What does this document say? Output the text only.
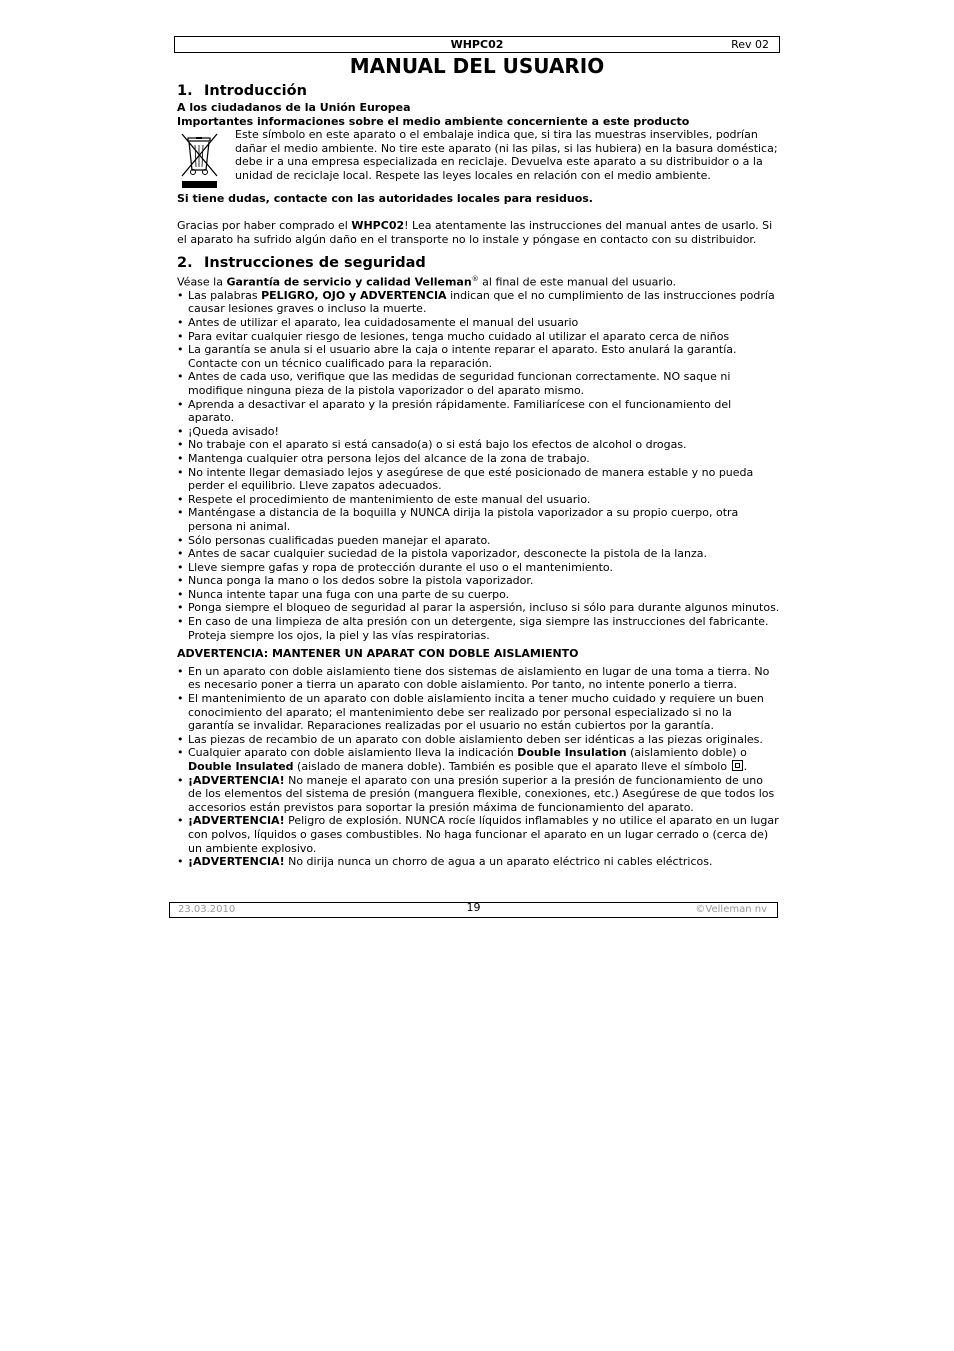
WHPC02	Rev 02
MANUAL DEL USUARIO
1. Introducción
A los ciudadanos de la Unión Europea
Importantes informaciones sobre el medio ambiente concerniente a este producto
Este símbolo en este aparato o el embalaje indica que, si tira las muestras inservibles, podrían dañar el medio ambiente. No tire este aparato (ni las pilas, si las hubiera) en la basura doméstica; debe ir a una empresa especializada en reciclaje. Devuelva este aparato a su distribuidor o a la unidad de reciclaje local. Respete las leyes locales en relación con el medio ambiente.
Si tiene dudas, contacte con las autoridades locales para residuos.

Gracias por haber comprado el WHPC02! Lea atentamente las instrucciones del manual antes de usarlo. Si el aparato ha sufrido algún daño en el transporte no lo instale y póngase en contacto con su distribuidor.

2. Instrucciones de seguridad

Véase la Garantía de servicio y calidad Velleman® al final de este manual del usuario.

• Las palabras PELIGRO, OJO y ADVERTENCIA indican que el no cumplimiento de las instrucciones podría causar lesiones graves o incluso la muerte.
• Antes de utilizar el aparato, lea cuidadosamente el manual del usuario
• Para evitar cualquier riesgo de lesiones, tenga mucho cuidado al utilizar el aparato cerca de niños
• La garantía se anula si el usuario abre la caja o intente reparar el aparato. Esto anulará la garantía. Contacte con un técnico cualificado para la reparación.
• Antes de cada uso, verifique que las medidas de seguridad funcionan correctamente. NO saque ni modifique ninguna pieza de la pistola vaporizador o del aparato mismo.
• Aprenda a desactivar el aparato y la presión rápidamente. Familiarícese con el funcionamiento del aparato.
• ¡Queda avisado!
• No trabaje con el aparato si está cansado(a) o si está bajo los efectos de alcohol o drogas.
• Mantenga cualquier otra persona lejos del alcance de la zona de trabajo.
• No intente llegar demasiado lejos y asegúrese de que esté posicionado de manera estable y no pueda perder el equilibrio. Lleve zapatos adecuados.
• Respete el procedimiento de mantenimiento de este manual del usuario.
• Manténgase a distancia de la boquilla y NUNCA dirija la pistola vaporizador a su propio cuerpo, otra persona ni animal.
• Sólo personas cualificadas pueden manejar el aparato.
• Antes de sacar cualquier suciedad de la pistola vaporizador, desconecte la pistola de la lanza.
• Lleve siempre gafas y ropa de protección durante el uso o el mantenimiento.
• Nunca ponga la mano o los dedos sobre la pistola vaporizador.
• Nunca intente tapar una fuga con una parte de su cuerpo.
• Ponga siempre el bloqueo de seguridad al parar la aspersión, incluso si sólo para durante algunos minutos.
• En caso de una limpieza de alta presión con un detergente, siga siempre las instrucciones del fabricante. Proteja siempre los ojos, la piel y las vías respiratorias.
ADVERTENCIA: MANTENER UN APARAT CON DOBLE AISLAMIENTO
• En un aparato con doble aislamiento tiene dos sistemas de aislamiento en lugar de una toma a tierra. No es necesario poner a tierra un aparato con doble aislamiento. Por tanto, no intente ponerlo a tierra.
• El mantenimiento de un aparato con doble aislamiento incita a tener mucho cuidado y requiere un buen conocimiento del aparato; el mantenimiento debe ser realizado por personal especializado si no la garantía se invalidar. Reparaciones realizadas por el usuario no están cubiertos por la garantía.
• Las piezas de recambio de un aparato con doble aislamiento deben ser idénticas a las piezas originales.
• Cualquier aparato con doble aislamiento lleva la indicación Double Insulation (aislamiento doble) o Double Insulated (aislado de manera doble). También es posible que el aparato lleve el símbolo .
• ¡ADVERTENCIA! No maneje el aparato con una presión superior a la presión de funcionamiento de uno de los elementos del sistema de presión (manguera flexible, conexiones, etc.) Asegúrese de que todos los accesorios están previstos para soportar la presión máxima de funcionamiento del aparato.
• ¡ADVERTENCIA! Peligro de explosión. NUNCA rocíe líquidos inflamables y no utilice el aparato en un lugar con polvos, líquidos o gases combustibles. No haga funcionar el aparato en un lugar cerrado o (cerca de) un ambiente explosivo.
• ¡ADVERTENCIA! No dirija nunca un chorro de agua a un aparato eléctrico ni cables eléctricos.
23.03.2010	19	©Velleman nv
